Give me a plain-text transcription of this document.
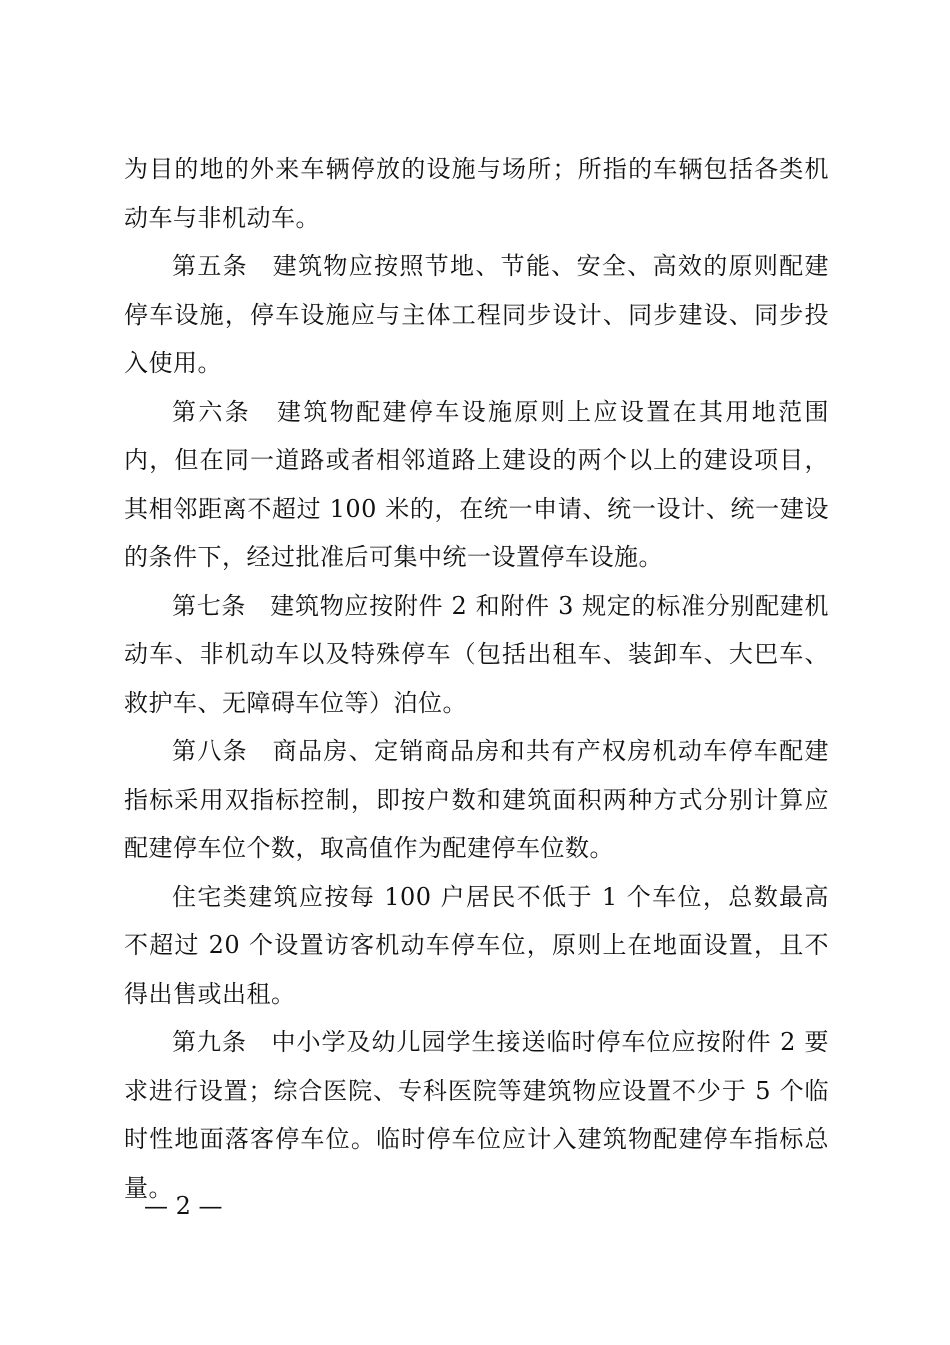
为目的地的外来车辆停放的设施与场所；所指的车辆包括各类机动车与非机动车。

第五条 建筑物应按照节地、节能、安全、高效的原则配建停车设施，停车设施应与主体工程同步设计、同步建设、同步投入使用。

第六条 建筑物配建停车设施原则上应设置在其用地范围内，但在同一道路或者相邻道路上建设的两个以上的建设项目，其相邻距离不超过 100 米的，在统一申请、统一设计、统一建设的条件下，经过批准后可集中统一设置停车设施。

第七条 建筑物应按附件 2 和附件 3 规定的标准分别配建机动车、非机动车以及特殊停车（包括出租车、装卸车、大巴车、救护车、无障碍车位等）泊位。

第八条 商品房、定销商品房和共有产权房机动车停车配建指标采用双指标控制，即按户数和建筑面积两种方式分别计算应配建停车位个数，取高值作为配建停车位数。

住宅类建筑应按每 100 户居民不低于 1 个车位，总数最高不超过 20 个设置访客机动车停车位，原则上在地面设置，且不得出售或出租。

第九条 中小学及幼儿园学生接送临时停车位应按附件 2 要求进行设置；综合医院、专科医院等建筑物应设置不少于 5 个临时性地面落客停车位。临时停车位应计入建筑物配建停车指标总量。

— 2 —
